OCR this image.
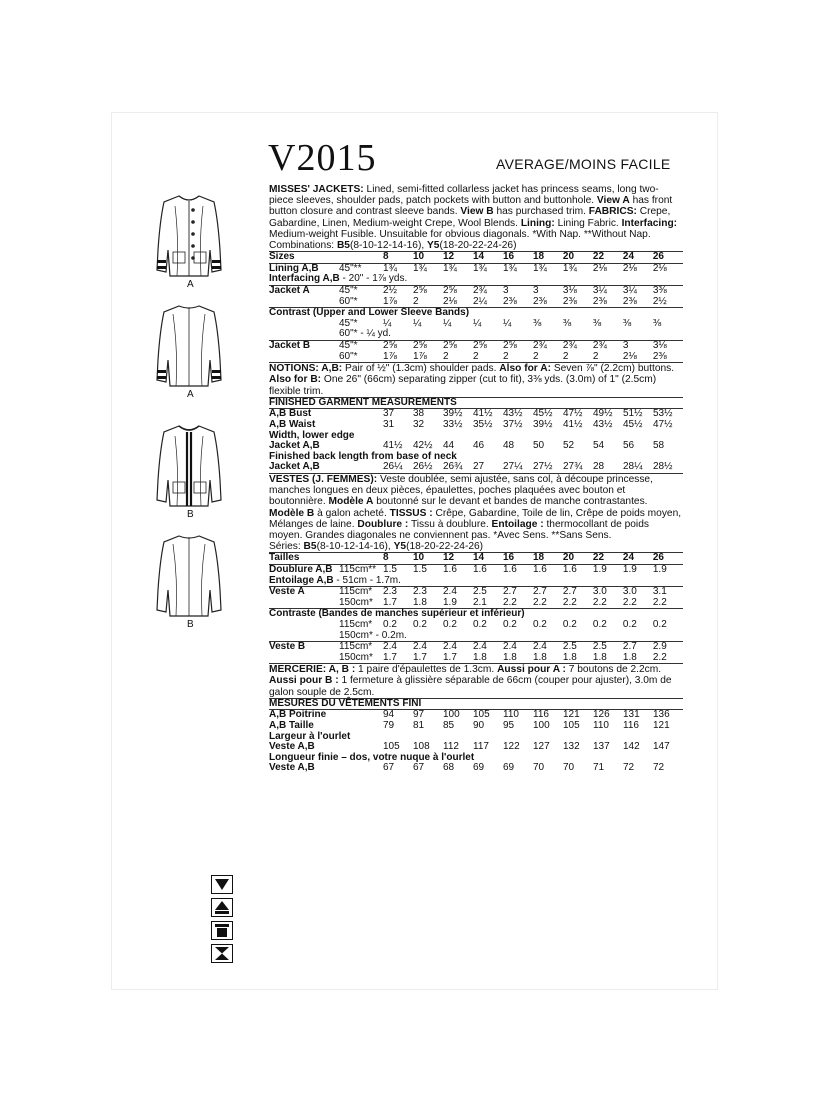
A
A
B
B
V2015	AVERAGE/MOINS FACILE

MISSES' JACKETS: Lined, semi-fitted collarless jacket has princess seams, long two-piece sleeves, shoulder pads, patch pockets with button and buttonhole. View A has front button closure and contrast sleeve bands. View B has purchased trim. FABRICS: Crepe, Gabardine, Linen, Medium-weight Crepe, Wool Blends. Lining: Lining Fabric. Interfacing: Medium-weight Fusible. Unsuitable for obvious diagonals. *With Nap. **Without Nap.

Combinations: B5(8-10-12-14-16), Y5(18-20-22-24-26)

Sizes		8	10	12	14	16	18	20	22	24	26
Lining A,B	45"**	1¾	1¾	1¾	1¾	1¾	1¾	1¾	2⅛	2⅛	2⅛
Interfacing A,B - 20" - 1⅞ yds.											
Jacket A	45"*	2½	2⅝	2⅝	2¾	3	3	3⅛	3¼	3¼	3⅜
	60"*	1⅞	2	2⅛	2¼	2⅜	2⅜	2⅜	2⅜	2⅜	2½
Contrast (Upper and Lower Sleeve Bands)											
	45"*	¼	¼	¼	¼	¼	⅜	⅜	⅜	⅜	⅜
	60"* - ¼ yd.										
Jacket B	45"*	2⅝	2⅝	2⅝	2⅝	2⅝	2¾	2¾	2¾	3	3⅛
	60"*	1⅞	1⅞	2	2	2	2	2	2	2⅛	2⅜

NOTIONS: A,B: Pair of ½" (1.3cm) shoulder pads. Also for A: Seven ⅞" (2.2cm) buttons. Also for B: One 26" (66cm) separating zipper (cut to fit), 3⅜ yds. (3.0m) of 1" (2.5cm) flexible trim.

FINISHED GARMENT MEASUREMENTS										
A,B Bust	37	38	39½	41½	43½	45½	47½	49½	51½	53½
A,B Waist	31	32	33½	35½	37½	39½	41½	43½	45½	47½
Width, lower edge										
Jacket A,B	41½	42½	44	46	48	50	52	54	56	58
Finished back length from base of neck										
Jacket A,B	26¼	26½	26¾	27	27¼	27½	27¾	28	28¼	28½

VESTES (J. FEMMES): Veste doublée, semi ajustée, sans col, à découpe princesse, manches longues en deux pièces, épaulettes, poches plaquées avec bouton et boutonnière. Modèle A boutonné sur le devant et bandes de manche contrastantes. Modèle B à galon acheté. TISSUS : Crêpe, Gabardine, Toile de lin, Crêpe de poids moyen, Mélanges de laine. Doublure : Tissu à doublure. Entoilage : thermocollant de poids moyen. Grandes diagonales ne conviennent pas. *Avec Sens. **Sans Sens.

Séries: B5(8-10-12-14-16), Y5(18-20-22-24-26)

Tailles		8	10	12	14	16	18	20	22	24	26
Doublure A,B	115cm**	1.5	1.5	1.6	1.6	1.6	1.6	1.6	1.9	1.9	1.9
Entoilage A,B - 51cm - 1.7m.											
Veste A	115cm*	2.3	2.3	2.4	2.5	2.7	2.7	2.7	3.0	3.0	3.1
	150cm*	1.7	1.8	1.9	2.1	2.2	2.2	2.2	2.2	2.2	2.2
Contraste (Bandes de manches supérieur et inférieur)											
	115cm*	0.2	0.2	0.2	0.2	0.2	0.2	0.2	0.2	0.2	0.2
	150cm* - 0.2m.										
Veste B	115cm*	2.4	2.4	2.4	2.4	2.4	2.4	2.5	2.5	2.7	2.9
	150cm*	1.7	1.7	1.7	1.8	1.8	1.8	1.8	1.8	1.8	2.2

MERCERIE: A, B : 1 paire d'épaulettes de 1.3cm. Aussi pour A : 7 boutons de 2.2cm. Aussi pour B : 1 fermeture à glissière séparable de 66cm (couper pour ajuster), 3.0m de galon souple de 2.5cm.

MESURES DU VÊTEMENTS FINI										
A,B Poitrine	94	97	100	105	110	116	121	126	131	136
A,B Taille	79	81	85	90	95	100	105	110	116	121
Largeur à l'ourlet										
Veste A,B	105	108	112	117	122	127	132	137	142	147
Longueur finie – dos, votre nuque à l'ourlet										
Veste A,B	67	67	68	69	69	70	70	71	72	72
